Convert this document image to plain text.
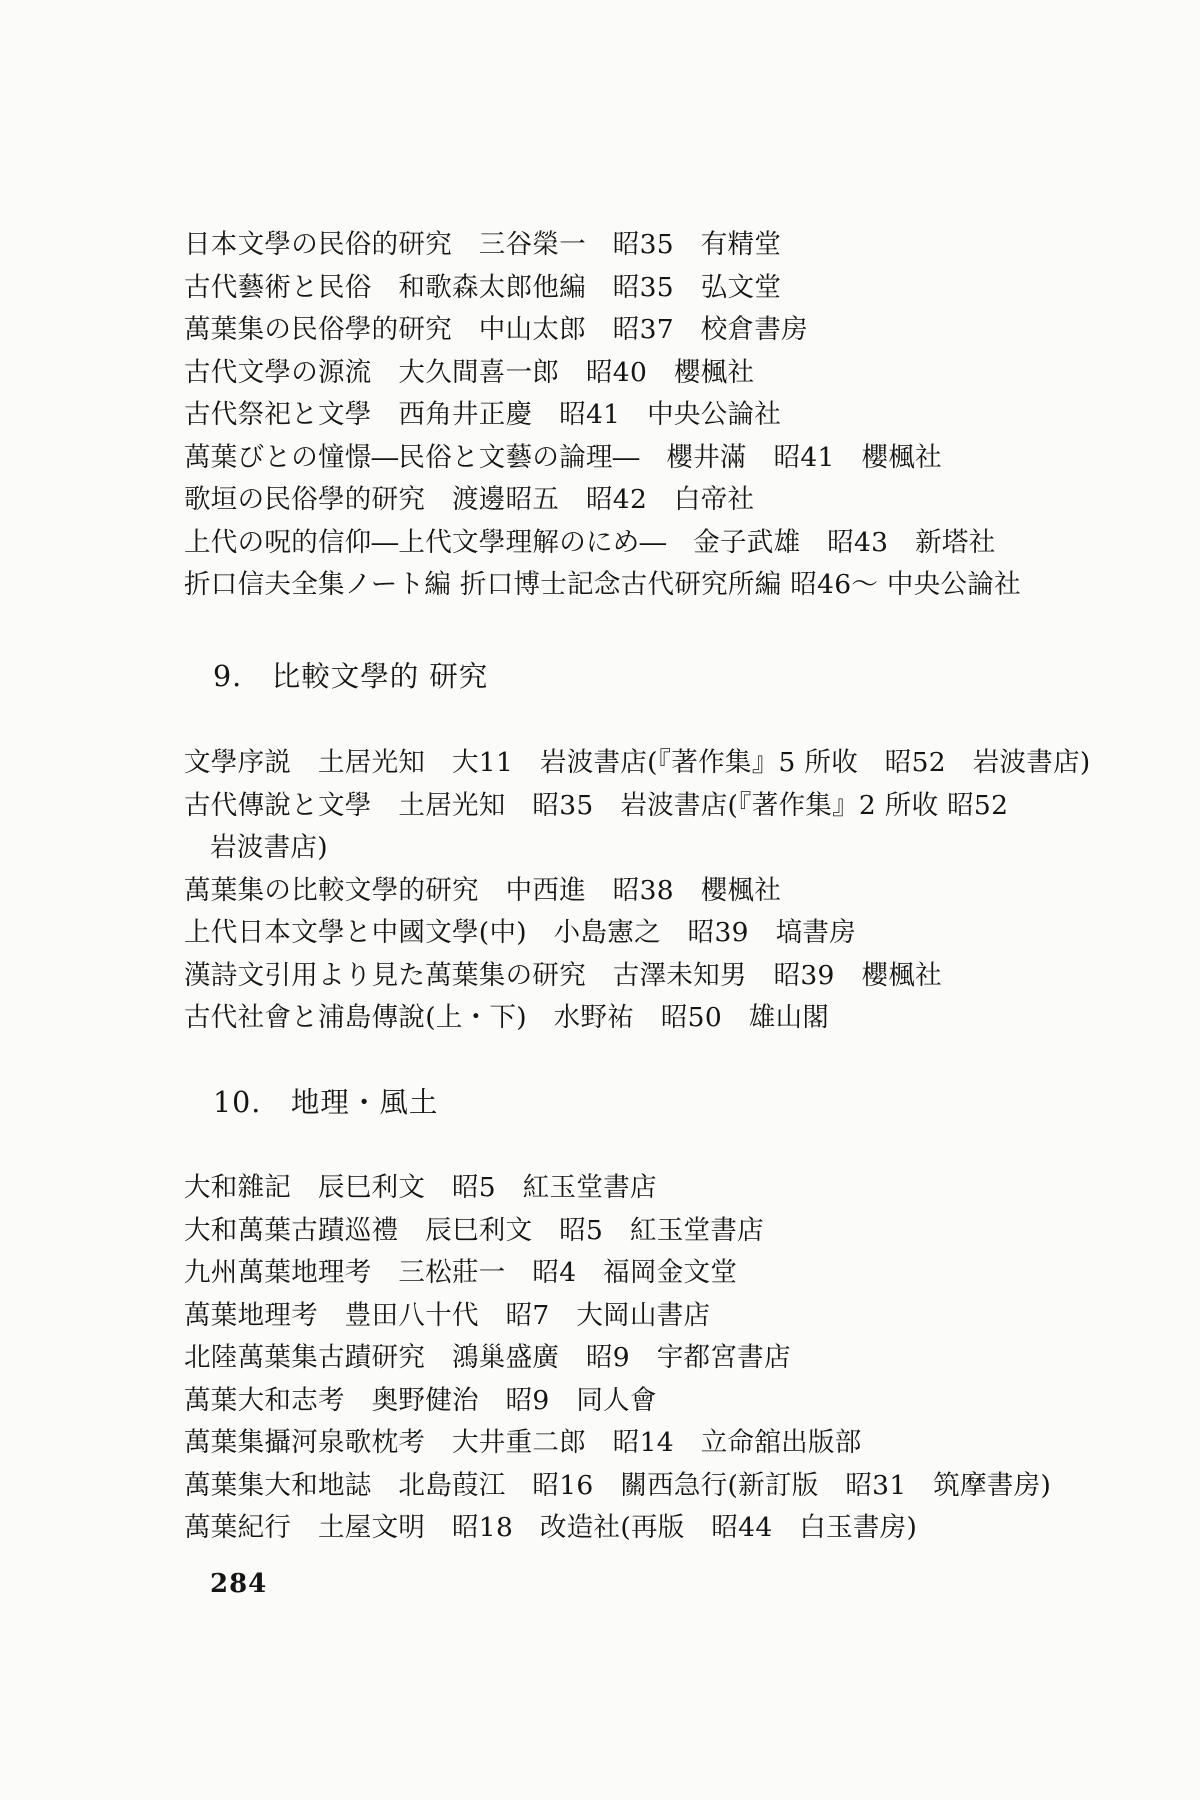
日本文學の民俗的研究　三谷榮一　昭35　有精堂
古代藝術と民俗　和歌森太郎他編　昭35　弘文堂
萬葉集の民俗學的研究　中山太郎　昭37　校倉書房
古代文學の源流　大久間喜一郎　昭40　櫻楓社
古代祭祀と文學　西角井正慶　昭41　中央公論社
萬葉びとの憧憬―民俗と文藝の論理―　櫻井滿　昭41　櫻楓社
歌垣の民俗學的研究　渡邊昭五　昭42　白帝社
上代の呪的信仰―上代文學理解のにめ―　金子武雄　昭43　新塔社
折口信夫全集ノート編 折口博士記念古代研究所編 昭46～ 中央公論社
9.　比較文學的 研究
文學序説　土居光知　大11　岩波書店(『著作集』5 所收　昭52　岩波書店)
古代傳說と文學　土居光知　昭35　岩波書店(『著作集』2 所收 昭52 岩波書店)
萬葉集の比較文學的研究　中西進　昭38　櫻楓社
上代日本文學と中國文學(中)　小島憲之　昭39　塙書房
漢詩文引用より見た萬葉集の研究　古澤未知男　昭39　櫻楓社
古代社會と浦島傳說(上・下)　水野祐　昭50　雄山閣
10.　地理・風土
大和雜記　辰巳利文　昭5　紅玉堂書店
大和萬葉古蹟巡禮　辰巳利文　昭5　紅玉堂書店
九州萬葉地理考　三松莊一　昭4　福岡金文堂
萬葉地理考　豊田八十代　昭7　大岡山書店
北陸萬葉集古蹟研究　鴻巢盛廣　昭9　宇都宮書店
萬葉大和志考　奥野健治　昭9　同人會
萬葉集攝河泉歌枕考　大井重二郎　昭14　立命舘出版部
萬葉集大和地誌　北島葭江　昭16　關西急行(新訂版　昭31　筑摩書房)
萬葉紀行　土屋文明　昭18　改造社(再版　昭44　白玉書房)
284
